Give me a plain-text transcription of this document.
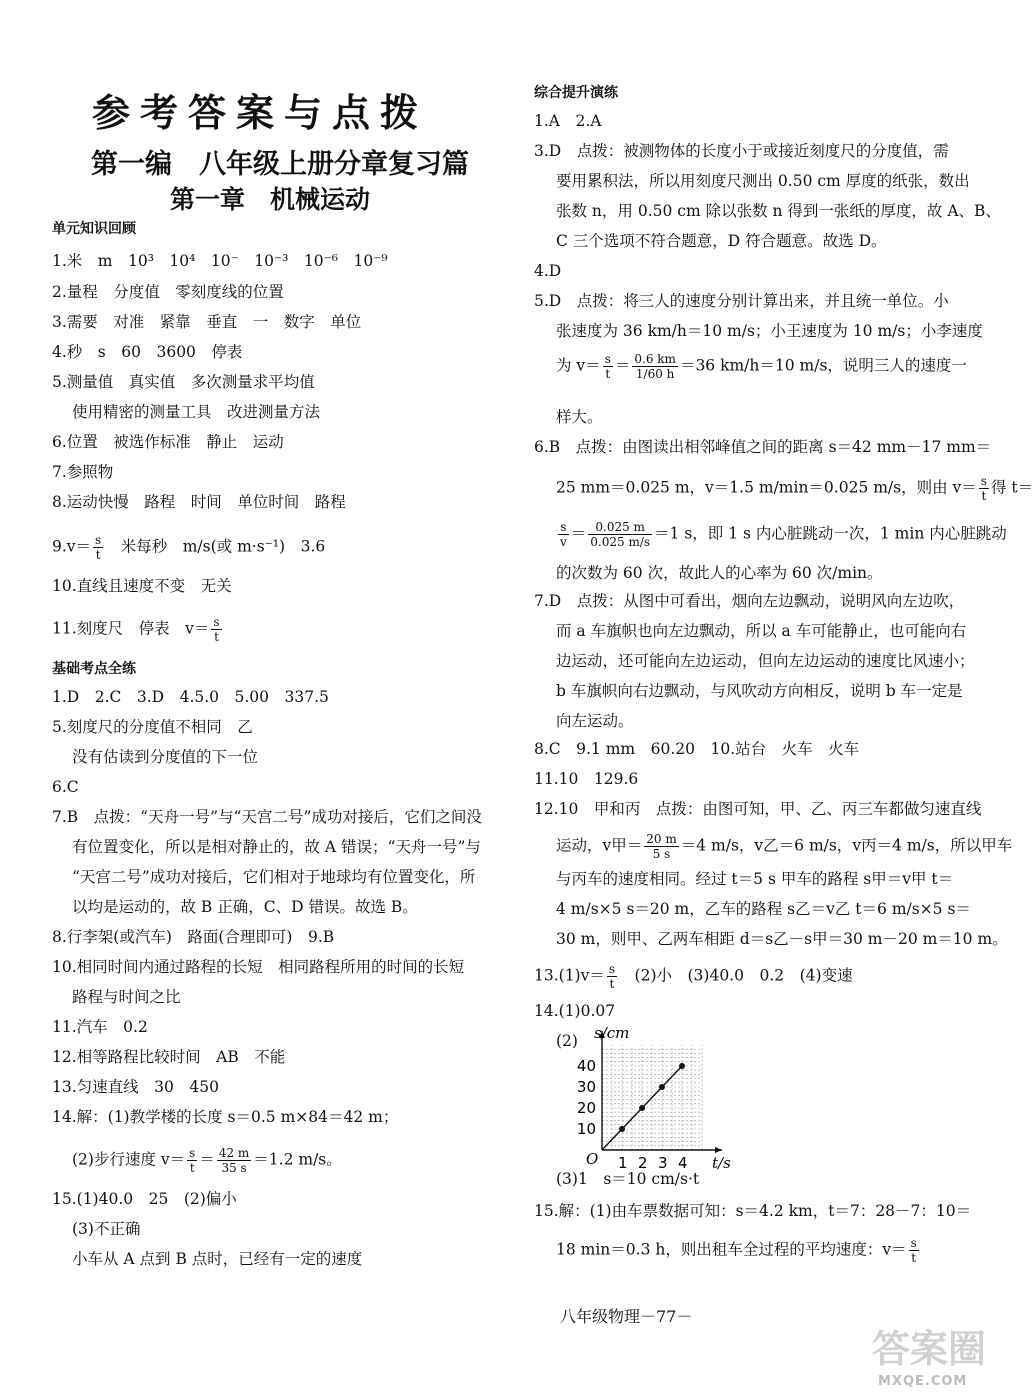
参考答案与点拨
第一编　八年级上册分章复习篇
第一章　机械运动
单元知识回顾
1.米　m　10³　10⁴　10⁻　10⁻³　10⁻⁶　10⁻⁹
2.量程　分度值　零刻度线的位置
3.需要　对准　紧靠　垂直　一　数字　单位
4.秒　s　60　3600　停表
5.测量值　真实值　多次测量求平均值
使用精密的测量工具　改进测量方法
6.位置　被选作标准　静止　运动
7.参照物
8.运动快慢　路程　时间　单位时间　路程
$9.v= \frac{s}{t}$ 　米每秒　m/s(或 m·s⁻¹)　3.6
10.直线且速度不变　无关
11.刻度尺　停表　$v= \frac{s}{t}$
基础考点全练
1.D　2.C　3.D　4.5.0　5.00　337.5
5.刻度尺的分度值不相同　乙
没有估读到分度值的下一位
6.C
7.B　点拨：“天舟一号”与“天宫二号”成功对接后，它们之间没
有位置变化，所以是相对静止的，故 A 错误；“天舟一号”与
“天宫二号”成功对接后，它们相对于地球均有位置变化，所
以均是运动的，故 B 正确，C、D 错误。故选 B。
8.行李架(或汽车)　路面(合理即可)　9.B
10.相同时间内通过路程的长短　相同路程所用的时间的长短
路程与时间之比
11.汽车　0.2
12.相等路程比较时间　AB　不能
13.匀速直线　30　450
14.解：(1)教学楼的长度 s＝0.5 m×84＝42 m；
(2)步行速度 $v= \frac{s}{t} = \frac{42 m}{35 s} =1.2$ m/s。
15.(1)40.0　25　(2)偏小
(3)不正确
小车从 A 点到 B 点时，已经有一定的速度
综合提升演练
1.A　2.A
3.D　点拨：被测物体的长度小于或接近刻度尺的分度值，需
要用累积法，所以用刻度尺测出 0.50 cm 厚度的纸张，数出
张数 n，用 0.50 cm 除以张数 n 得到一张纸的厚度，故 A、B、
C 三个选项不符合题意，D 符合题意。故选 D。
4.D
5.D　点拨：将三人的速度分别计算出来，并且统一单位。小
张速度为 36 km/h＝10 m/s；小王速度为 10 m/s；小李速度
为 $v= \frac{s}{t} = \frac{0.6 km}{1/60 h} =36$ km/h＝10 m/s，说明三人的速度一
样大。
6.B　点拨：由图读出相邻峰值之间的距离 s＝42 mm－17 mm＝
25 mm＝0.025 m，v＝1.5 m/min＝0.025 m/s，则由 $v= \frac{s}{t}$ 得 t＝
$\frac{s}{v} = \frac{0.025 m}{0.025 m/s} =1$ s，即 1 s 内心脏跳动一次，1 min 内心脏跳动
的次数为 60 次，故此人的心率为 60 次/min。
7.D　点拨：从图中可看出，烟向左边飘动，说明风向左边吹，
而 a 车旗帜也向左边飘动，所以 a 车可能静止，也可能向右
边运动，还可能向左边运动，但向左边运动的速度比风速小；
b 车旗帜向右边飘动，与风吹动方向相反，说明 b 车一定是
向左运动。
8.C　9.1 mm　60.20　10.站台　火车　火车
11.10　129.6
12.10　甲和丙　点拨：由图可知，甲、乙、丙三车都做匀速直线
运动，v甲＝ $\frac{20 m}{5 s} =4$ m/s，v乙＝6 m/s，v丙＝4 m/s，所以甲车
与丙车的速度相同。经过 t＝5 s 甲车的路程 s甲＝v甲 t＝
4 m/s×5 s＝20 m，乙车的路程 s乙＝v乙 t＝6 m/s×5 s＝
30 m，则甲、乙两车相距 d＝s乙－s甲＝30 m－20 m＝10 m。
$13.(1)v= \frac{s}{t}$ 　(2)小　(3)40.0　0.2　(4)变速
14.(1)0.07
(2)
(3)1　s＝10 cm/s·t
15.解：(1)由车票数据可知：s＝4.2 km，t＝7：28－7：10＝
18 min＝0.3 h，则出租车全过程的平均速度：$v= \frac{s}{t}$
s/cm
t/s
O 1 2 3 4
10
20
30
40
八年级物理－77－
答案圈
MXQE.COM
